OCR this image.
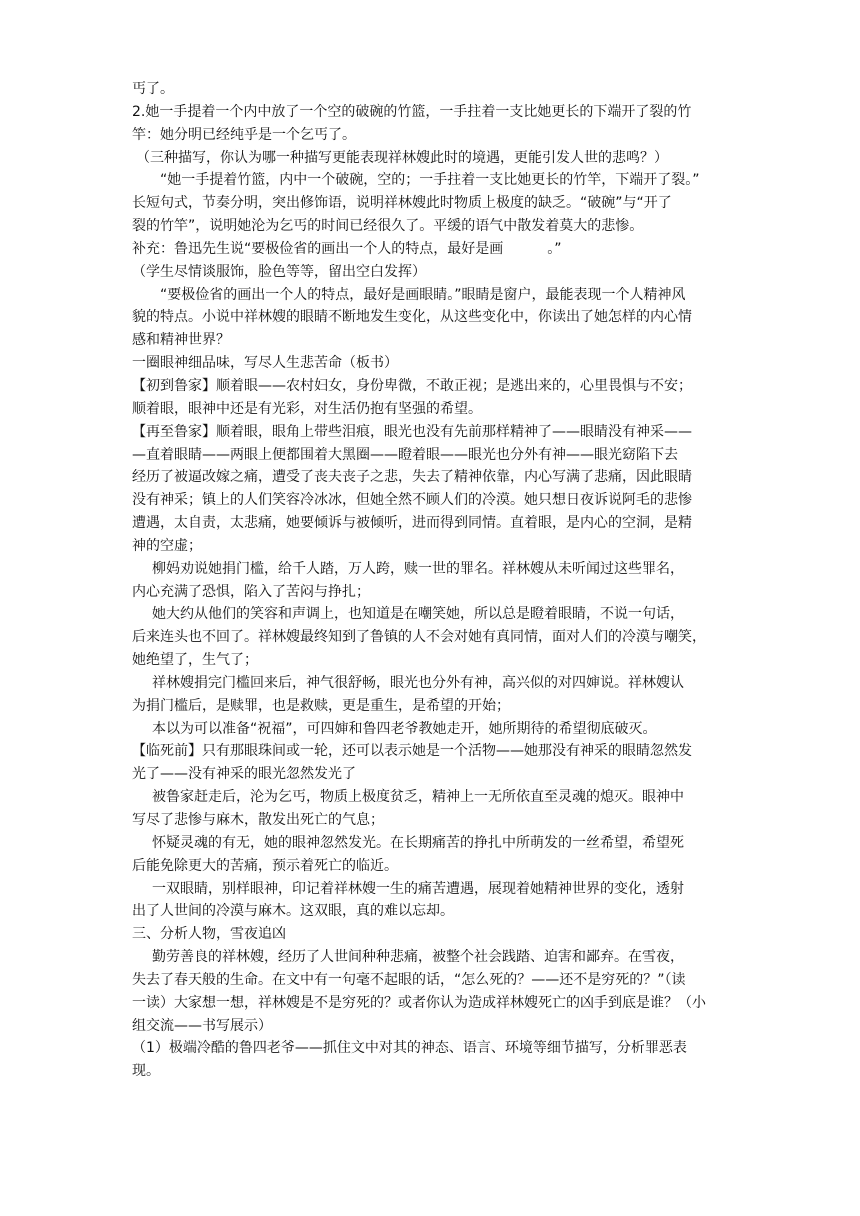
丐了。
2.她一手提着一个内中放了一个空的破碗的竹篮，一手拄着一支比她更长的下端开了裂的竹
竿：她分明已经纯乎是一个乞丐了。
（三种描写，你认为哪一种描写更能表现祥林嫂此时的境遇，更能引发人世的悲鸣？）
“她一手提着竹篮，内中一个破碗，空的；一手拄着一支比她更长的竹竿，下端开了裂。”
长短句式，节奏分明，突出修饰语，说明祥林嫂此时物质上极度的缺乏。“破碗”与“开了
裂的竹竿”，说明她沦为乞丐的时间已经很久了。平缓的语气中散发着莫大的悲惨。
补充：鲁迅先生说“要极俭省的画出一个人的特点，最好是画	。”
（学生尽情谈服饰，脸色等等，留出空白发挥）
“要极俭省的画出一个人的特点，最好是画眼睛。”眼睛是窗户，最能表现一个人精神风
貌的特点。小说中祥林嫂的眼睛不断地发生变化，从这些变化中，你读出了她怎样的内心情
感和精神世界？
一圈眼神细品味，写尽人生悲苦命（板书）
【初到鲁家】顺着眼——农村妇女，身份卑微，不敢正视；是逃出来的，心里畏惧与不安；
顺着眼，眼神中还是有光彩，对生活仍抱有坚强的希望。
【再至鲁家】顺着眼，眼角上带些泪痕，眼光也没有先前那样精神了——眼睛没有神采——
—直着眼睛——两眼上便都围着大黑圈——瞪着眼——眼光也分外有神——眼光窈陷下去
经历了被逼改嫁之痛，遭受了丧夫丧子之悲，失去了精神依靠，内心写满了悲痛，因此眼睛
没有神采；镇上的人们笑容冷冰冰，但她全然不顾人们的冷漠。她只想日夜诉说阿毛的悲惨
遭遇，太自责，太悲痛，她要倾诉与被倾听，进而得到同情。直着眼，是内心的空洞，是精
神的空虚；
柳妈劝说她捐门槛，给千人踏，万人跨，赎一世的罪名。祥林嫂从未听闻过这些罪名，
内心充满了恐惧，陷入了苦闷与挣扎；
她大约从他们的笑容和声调上，也知道是在嘲笑她，所以总是瞪着眼睛，不说一句话，
后来连头也不回了。祥林嫂最终知到了鲁镇的人不会对她有真同情，面对人们的冷漠与嘲笑，
她绝望了，生气了；
祥林嫂捐完门槛回来后，神气很舒畅，眼光也分外有神，高兴似的对四婶说。祥林嫂认
为捐门槛后，是赎罪，也是救赎，更是重生，是希望的开始；
本以为可以准备“祝福”，可四婶和鲁四老爷教她走开，她所期待的希望彻底破灭。
【临死前】只有那眼珠间或一轮，还可以表示她是一个活物——她那没有神采的眼睛忽然发
光了——没有神采的眼光忽然发光了
被鲁家赶走后，沦为乞丐，物质上极度贫乏，精神上一无所依直至灵魂的熄灭。眼神中
写尽了悲惨与麻木，散发出死亡的气息；
怀疑灵魂的有无，她的眼神忽然发光。在长期痛苦的挣扎中所萌发的一丝希望，希望死
后能免除更大的苦痛，预示着死亡的临近。
一双眼睛，别样眼神，印记着祥林嫂一生的痛苦遭遇，展现着她精神世界的变化，透射
出了人世间的冷漠与麻木。这双眼，真的难以忘却。
三、分析人物，雪夜追凶
勤劳善良的祥林嫂，经历了人世间种种悲痛，被整个社会践踏、迫害和鄙弃。在雪夜，
失去了春天般的生命。在文中有一句毫不起眼的话，“怎么死的？——还不是穷死的？”（读
一读）大家想一想，祥林嫂是不是穷死的？或者你认为造成祥林嫂死亡的凶手到底是谁？（小
组交流——书写展示）
（1）极端冷酷的鲁四老爷——抓住文中对其的神态、语言、环境等细节描写，分析罪恶表
现。
